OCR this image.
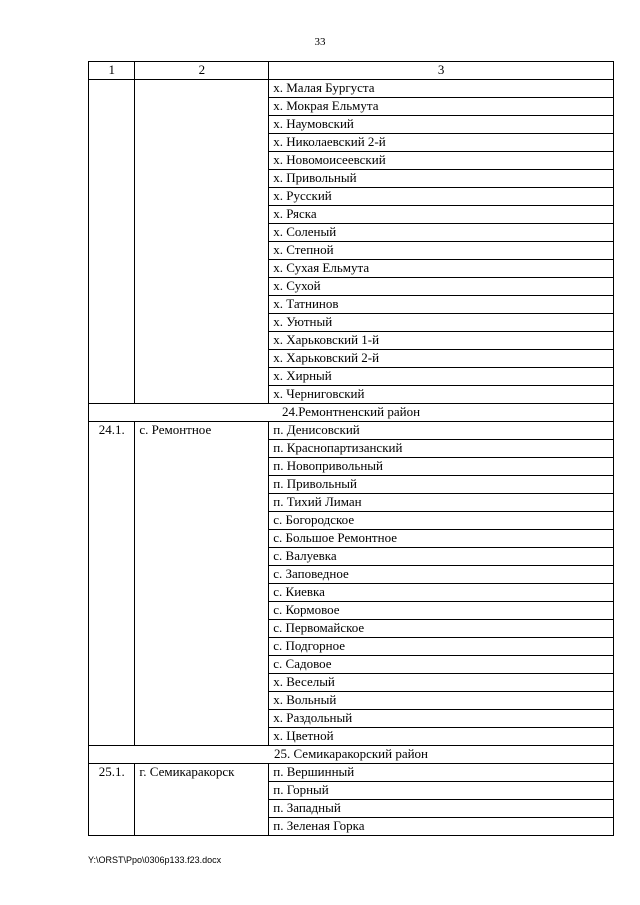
33
1	2	3
		х. Малая Бургуста
		х. Мокрая Ельмута
		х. Наумовский
		х. Николаевский 2-й
		х. Новомоисеевский
		х. Привольный
		х. Русский
		х. Ряска
		х. Соленый
		х. Степной
		х. Сухая Ельмута
		х. Сухой
		х. Татнинов
		х. Уютный
		х. Харьковский 1-й
		х. Харьковский 2-й
		х. Хирный
		х. Черниговский
24.Ремонтненский район		
24.1.	с. Ремонтное	п. Денисовский
		п. Краснопартизанский
		п. Новопривольный
		п. Привольный
		п. Тихий Лиман
		с. Богородское
		с. Большое Ремонтное
		с. Валуевка
		с. Заповедное
		с. Киевка
		с. Кормовое
		с. Первомайское
		с. Подгорное
		с. Садовое
		х. Веселый
		х. Вольный
		х. Раздольный
		х. Цветной
25. Семикаракорский район		
25.1.	г. Семикаракорск	п. Вершинный
		п. Горный
		п. Западный
		п. Зеленая Горка
Y:\ORST\Ppo\0306p133.f23.docx
